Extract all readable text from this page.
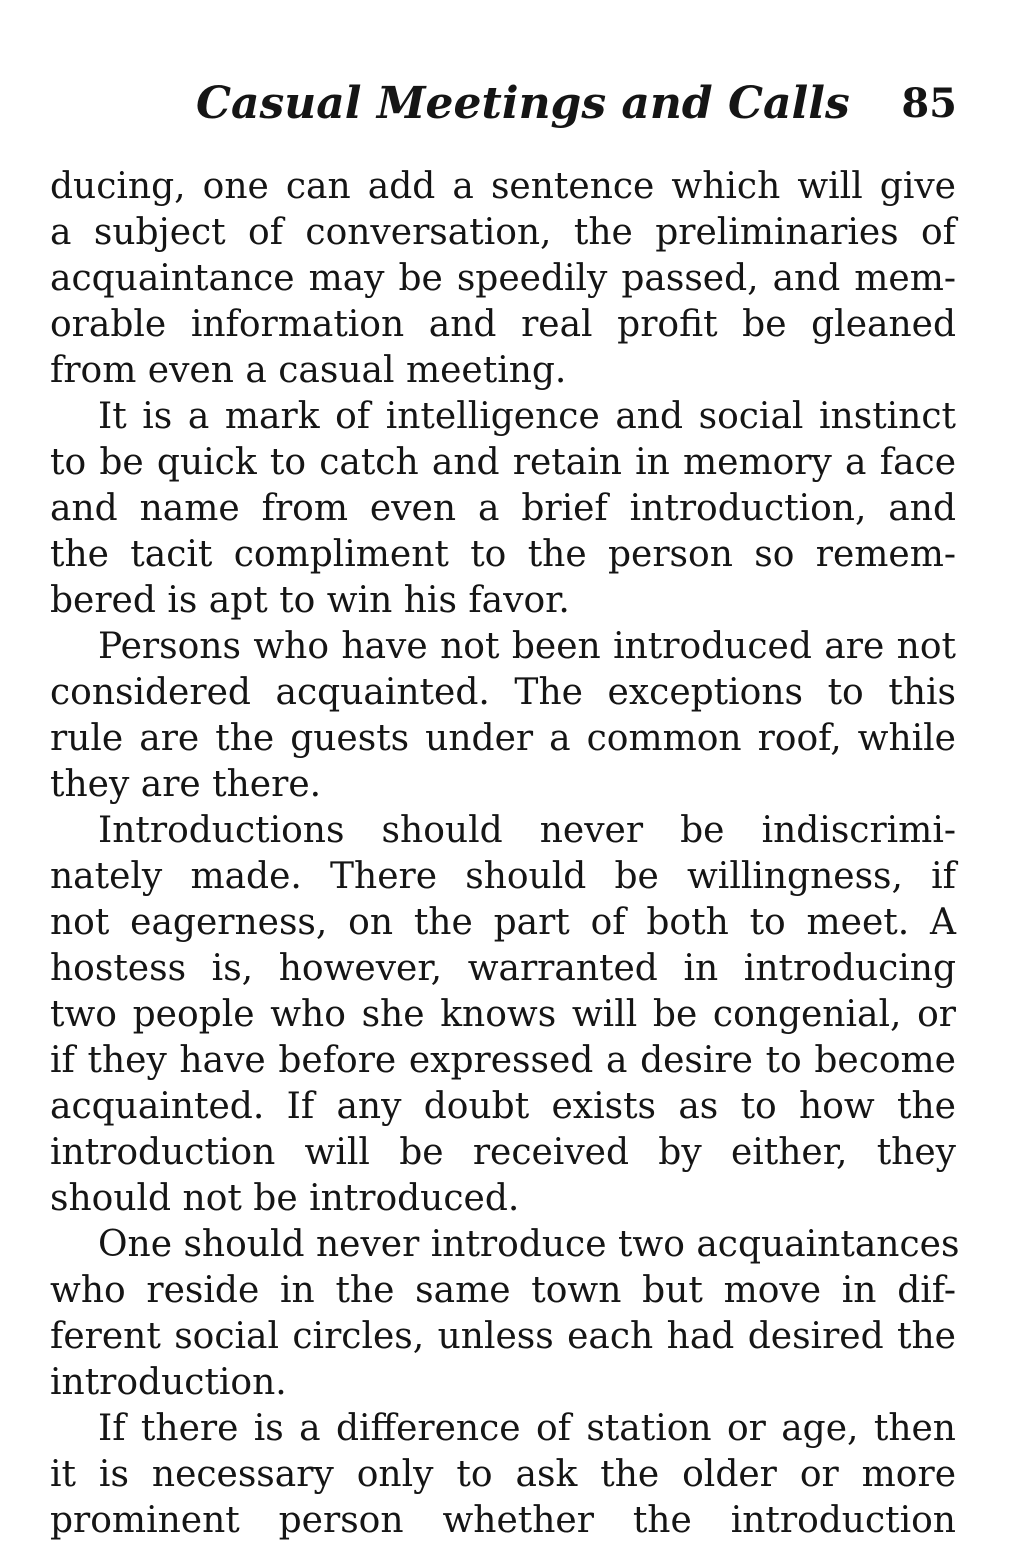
Casual Meetings and Calls 85
ducing, one can add a sentence which will give
a subject of conversation, the preliminaries of
acquaintance may be speedily passed, and mem-
orable information and real profit be gleaned
from even a casual meeting.
It is a mark of intelligence and social instinct
to be quick to catch and retain in memory a face
and name from even a brief introduction, and
the tacit compliment to the person so remem-
bered is apt to win his favor.
Persons who have not been introduced are not
considered acquainted. The exceptions to this
rule are the guests under a common roof, while
they are there.
Introductions should never be indiscrimi-
nately made. There should be willingness, if
not eagerness, on the part of both to meet. A
hostess is, however, warranted in introducing
two people who she knows will be congenial, or
if they have before expressed a desire to become
acquainted. If any doubt exists as to how the
introduction will be received by either, they
should not be introduced.
One should never introduce two acquaintances
who reside in the same town but move in dif-
ferent social circles, unless each had desired the
introduction.
If there is a difference of station or age, then
it is necessary only to ask the older or more
prominent person whether the introduction
